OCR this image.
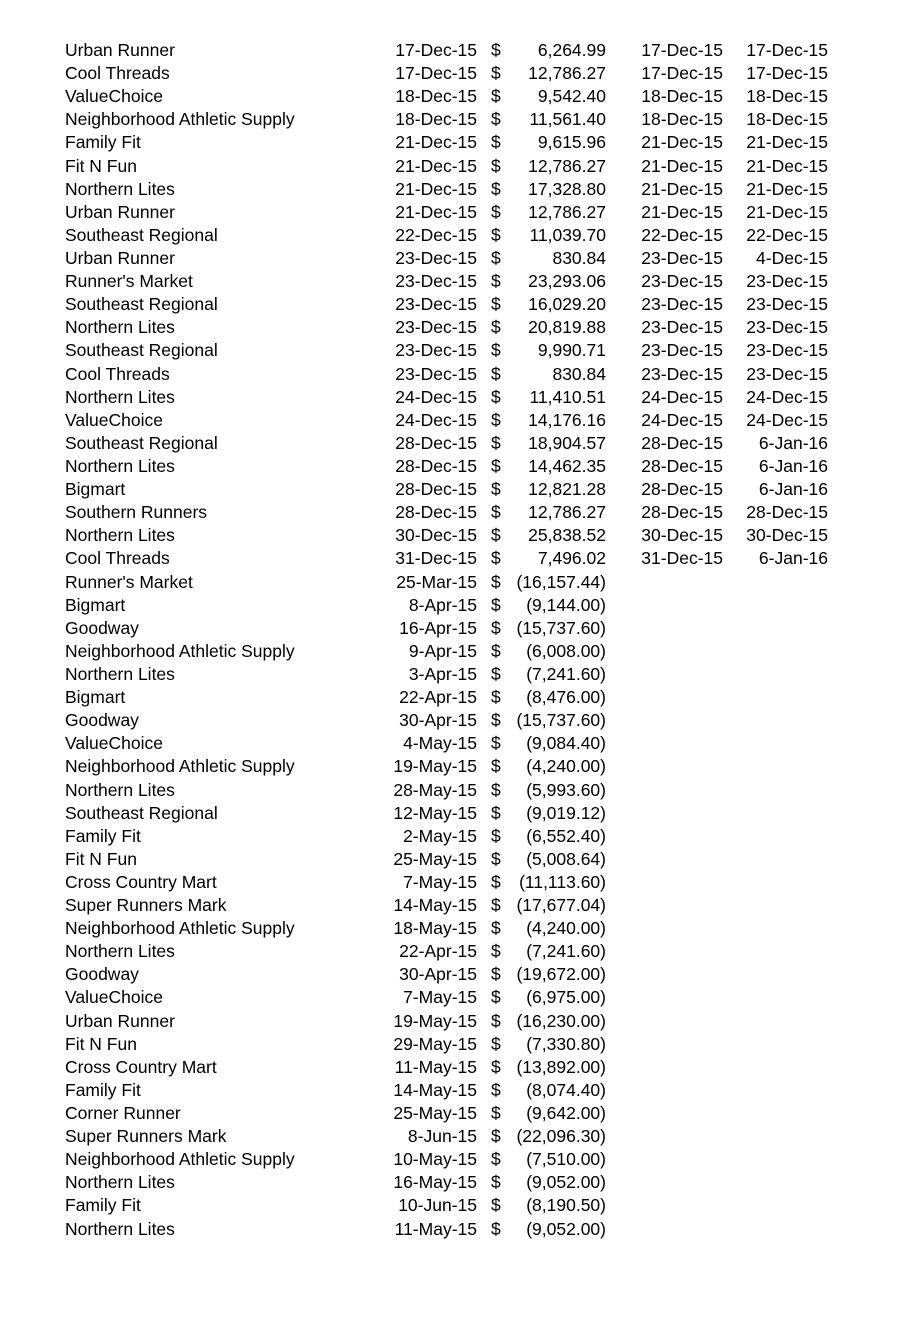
Urban Runner	17-Dec-15 $ 6,264.99 17-Dec-15 17-Dec-15
Cool Threads	17-Dec-15 $ 12,786.27 17-Dec-15 17-Dec-15
ValueChoice	18-Dec-15 $ 9,542.40 18-Dec-15 18-Dec-15
Neighborhood Athletic Supply	18-Dec-15 $ 11,561.40 18-Dec-15 18-Dec-15
Family Fit	21-Dec-15 $ 9,615.96 21-Dec-15 21-Dec-15
Fit N Fun	21-Dec-15 $ 12,786.27 21-Dec-15 21-Dec-15
Northern Lites	21-Dec-15 $ 17,328.80 21-Dec-15 21-Dec-15
Urban Runner	21-Dec-15 $ 12,786.27 21-Dec-15 21-Dec-15
Southeast Regional	22-Dec-15 $ 11,039.70 22-Dec-15 22-Dec-15
Urban Runner	23-Dec-15 $	830.84 23-Dec-15 4-Dec-15
Runner's Market	23-Dec-15 $ 23,293.06 23-Dec-15 23-Dec-15
Southeast Regional	23-Dec-15 $ 16,029.20 23-Dec-15 23-Dec-15
Northern Lites	23-Dec-15 $ 20,819.88 23-Dec-15 23-Dec-15
Southeast Regional	23-Dec-15 $ 9,990.71 23-Dec-15 23-Dec-15
Cool Threads	23-Dec-15 $	830.84 23-Dec-15 23-Dec-15
Northern Lites	24-Dec-15 $ 11,410.51 24-Dec-15 24-Dec-15
ValueChoice	24-Dec-15 $ 14,176.16 24-Dec-15 24-Dec-15
Southeast Regional	28-Dec-15 $ 18,904.57 28-Dec-15 6-Jan-16
Northern Lites	28-Dec-15 $ 14,462.35 28-Dec-15 6-Jan-16
Bigmart	28-Dec-15 $ 12,821.28 28-Dec-15 6-Jan-16
Southern Runners	28-Dec-15 $ 12,786.27 28-Dec-15 28-Dec-15
Northern Lites	30-Dec-15 $ 25,838.52 30-Dec-15 30-Dec-15
Cool Threads	31-Dec-15 $ 7,496.02 31-Dec-15 6-Jan-16
Runner's Market	25-Mar-15 $ (16,157.44)
Bigmart	8-Apr-15 $ (9,144.00)
Goodway	16-Apr-15 $ (15,737.60)
Neighborhood Athletic Supply	9-Apr-15 $ (6,008.00)
Northern Lites	3-Apr-15 $ (7,241.60)
Bigmart	22-Apr-15 $ (8,476.00)
Goodway	30-Apr-15 $ (15,737.60)
ValueChoice	4-May-15 $ (9,084.40)
Neighborhood Athletic Supply	19-May-15 $ (4,240.00)
Northern Lites	28-May-15 $ (5,993.60)
Southeast Regional	12-May-15 $ (9,019.12)
Family Fit	2-May-15 $ (6,552.40)
Fit N Fun	25-May-15 $ (5,008.64)
Cross Country Mart	7-May-15 $ (11,113.60)
Super Runners Mark	14-May-15 $ (17,677.04)
Neighborhood Athletic Supply	18-May-15 $ (4,240.00)
Northern Lites	22-Apr-15 $ (7,241.60)
Goodway	30-Apr-15 $ (19,672.00)
ValueChoice	7-May-15 $ (6,975.00)
Urban Runner	19-May-15 $ (16,230.00)
Fit N Fun	29-May-15 $ (7,330.80)
Cross Country Mart	11-May-15 $ (13,892.00)
Family Fit	14-May-15 $ (8,074.40)
Corner Runner	25-May-15 $ (9,642.00)
Super Runners Mark	8-Jun-15 $ (22,096.30)
Neighborhood Athletic Supply	10-May-15 $ (7,510.00)
Northern Lites	16-May-15 $ (9,052.00)
Family Fit	10-Jun-15 $ (8,190.50)
Northern Lites	11-May-15 $ (9,052.00)
